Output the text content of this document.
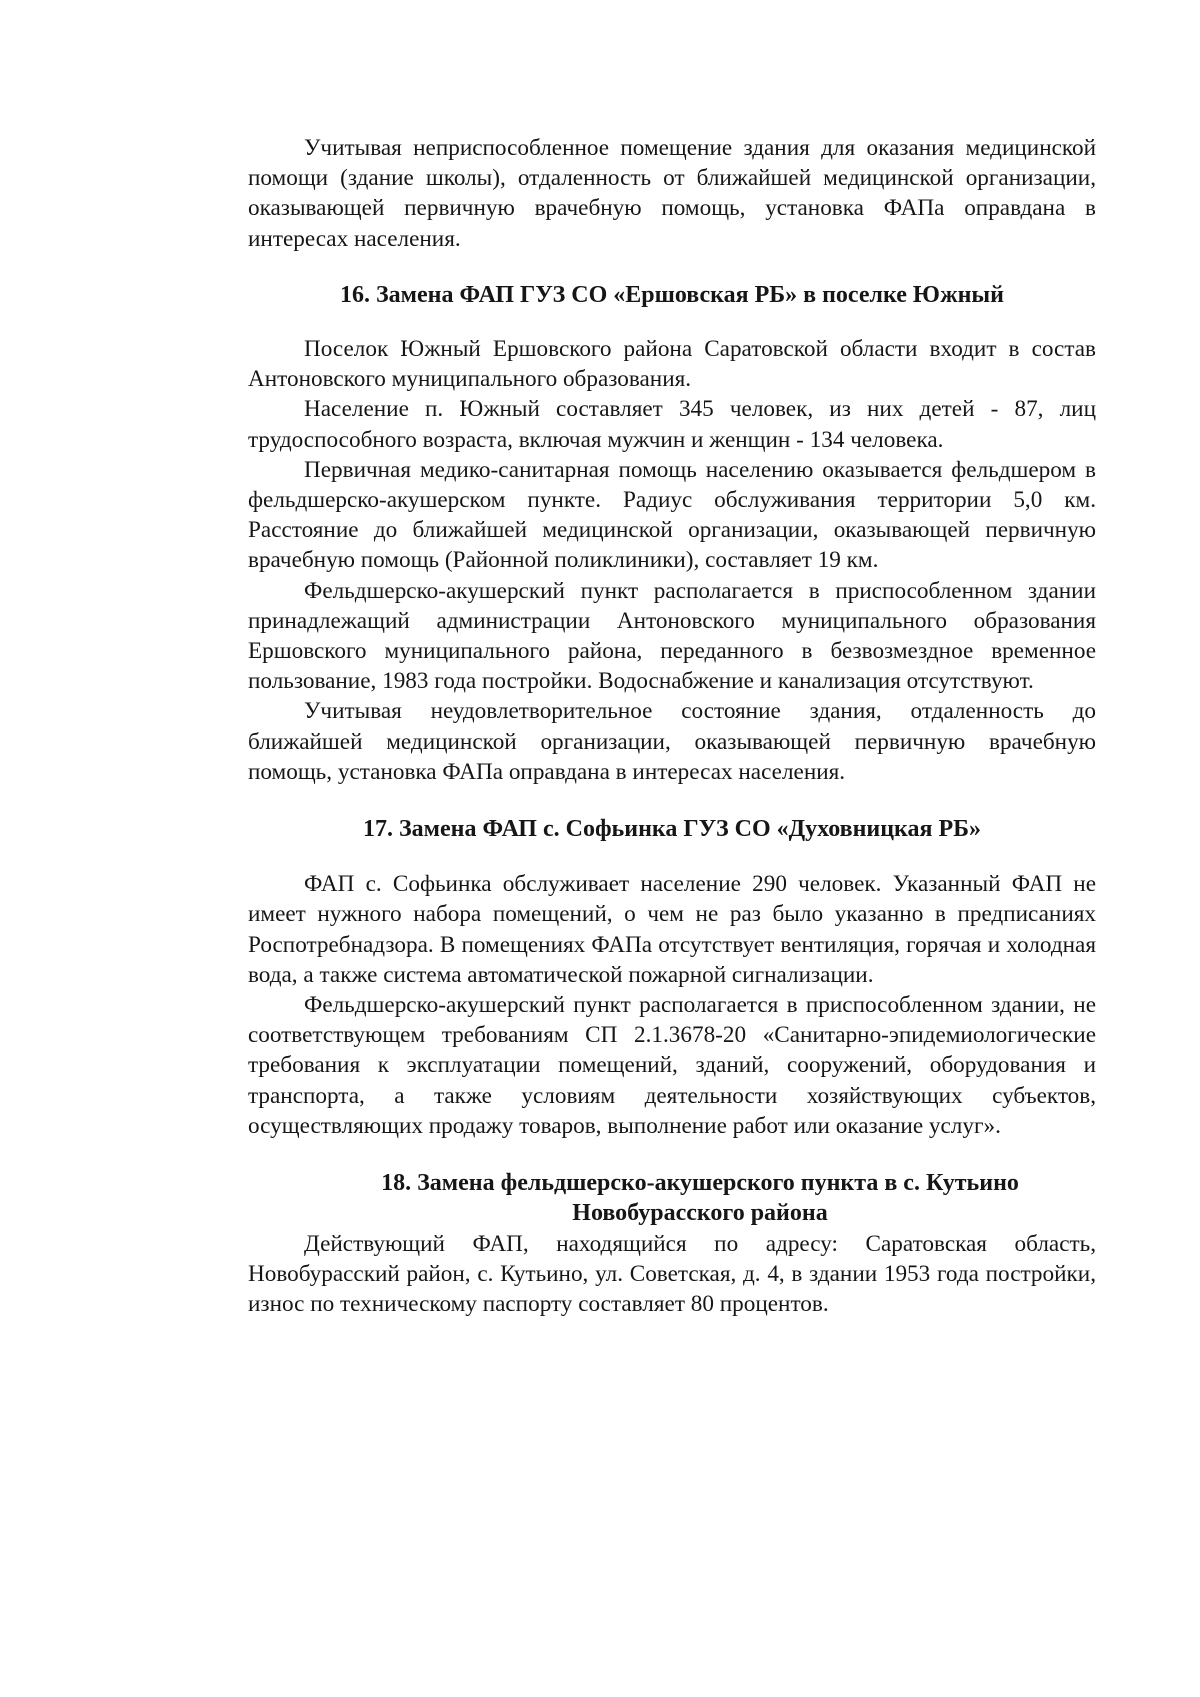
Учитывая неприспособленное помещение здания для оказания медицинской помощи (здание школы), отдаленность от ближайшей медицинской организации, оказывающей первичную врачебную помощь, установка ФАПа оправдана в интересах населения.

16. Замена ФАП ГУЗ СО «Ершовская РБ» в поселке Южный

Поселок Южный Ершовского района Саратовской области входит в состав Антоновского муниципального образования.

Население п. Южный составляет 345 человек, из них детей - 87, лиц трудоспособного возраста, включая мужчин и женщин - 134 человека.

Первичная медико-санитарная помощь населению оказывается фельдшером в фельдшерско-акушерском пункте. Радиус обслуживания территории 5,0 км. Расстояние до ближайшей медицинской организации, оказывающей первичную врачебную помощь (Районной поликлиники), составляет 19 км.

Фельдшерско-акушерский пункт располагается в приспособленном здании принадлежащий администрации Антоновского муниципального образования Ершовского муниципального района, переданного в безвозмездное временное пользование, 1983 года постройки. Водоснабжение и канализация отсутствуют.

Учитывая неудовлетворительное состояние здания, отдаленность до ближайшей медицинской организации, оказывающей первичную врачебную помощь, установка ФАПа оправдана в интересах населения.

17. Замена ФАП с. Софьинка ГУЗ СО «Духовницкая РБ»

ФАП с. Софьинка обслуживает население 290 человек. Указанный ФАП не имеет нужного набора помещений, о чем не раз было указанно в предписаниях Роспотребнадзора. В помещениях ФАПа отсутствует вентиляция, горячая и холодная вода, а также система автоматической пожарной сигнализации.

Фельдшерско-акушерский пункт располагается в приспособленном здании, не соответствующем требованиям СП 2.1.3678-20 «Санитарно-эпидемиологические требования к эксплуатации помещений, зданий, сооружений, оборудования и транспорта, а также условиям деятельности хозяйствующих субъектов, осуществляющих продажу товаров, выполнение работ или оказание услуг».

18. Замена фельдшерско-акушерского пункта в с. Кутьино
Новобурасского района

Действующий ФАП, находящийся по адресу: Саратовская область, Новобурасский район, с. Кутьино, ул. Советская, д. 4, в здании 1953 года постройки, износ по техническому паспорту составляет 80 процентов.
